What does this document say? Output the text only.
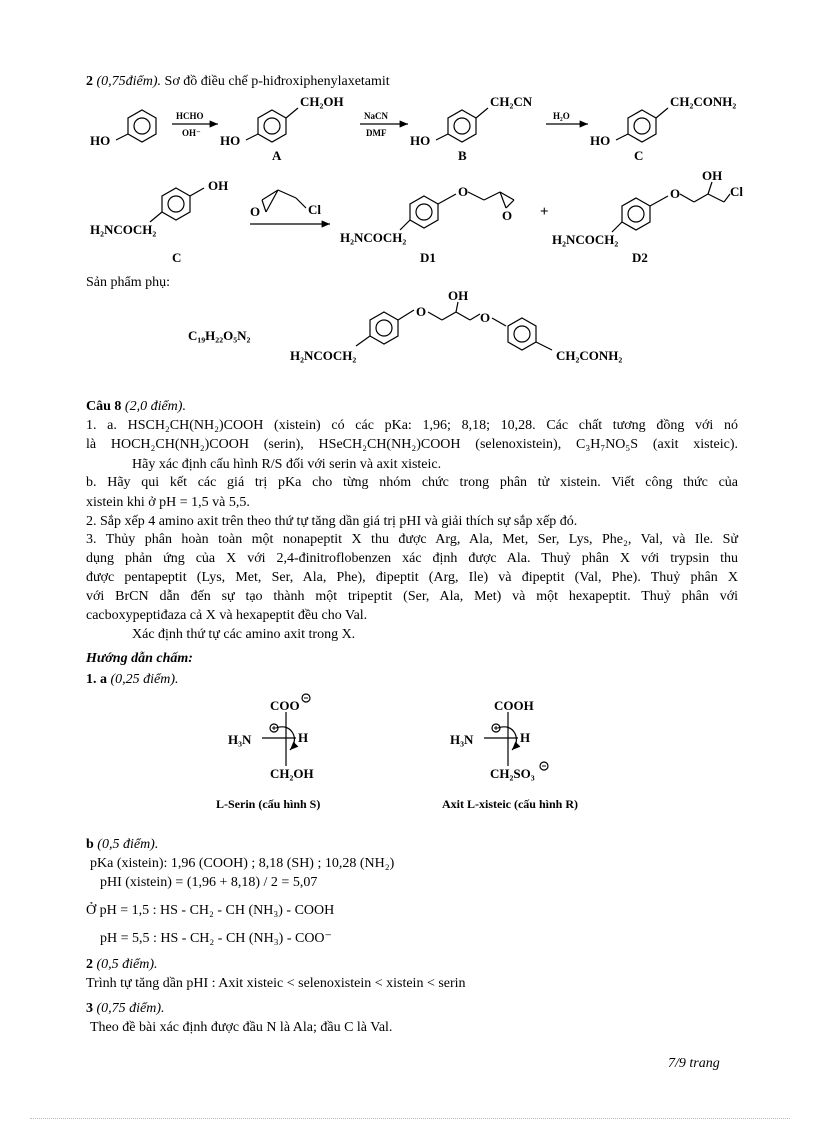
2 (0,75điểm). Sơ đồ điều chế p-hiđroxiphenylaxetamit
HO
HCHO
OH⁻ HO
CH₂OH
A
NaCN
DMF HO
CH₂CN
B
H₂O
HO
CH₂CONH₂
C
OH
H₂NCOCH₂
C
O	Cl
O
O
H₂NCOCH₂
D1
+
O
OH
Cl
H₂NCOCH₂
D2
C₁₉H₂₂O₅N₂
O
OH
O
H₂NCOCH₂	CH₂CONH₂
COO
H₃N	H
CH₂OH
L-Serin (cấu hình S)
COOH
H₃N	H
CH₂SO₃
Axit L-xisteic (cấu hình R)
Sản phẩm phụ:
Câu 8 (2,0 điểm).
1. a. HSCH₂CH(NH₂)COOH (xistein) có các pKa: 1,96; 8,18; 10,28. Các chất tương đồng với nó
là HOCH₂CH(NH₂)COOH (serin), HSeCH₂CH(NH₂)COOH (selenoxistein), C₃H₇NO₅S (axit xisteic).
Hãy xác định cấu hình R/S đối với serin và axit xisteic.
b. Hãy qui kết các giá trị pKa cho từng nhóm chức trong phân tử xistein. Viết công thức của
xistein khi ở pH = 1,5 và 5,5.
2. Sắp xếp 4 amino axit trên theo thứ tự tăng dần giá trị pHI và giải thích sự sắp xếp đó.
3. Thủy phân hoàn toàn một nonapeptit X thu được Arg, Ala, Met, Ser, Lys, Phe₂, Val, và Ile. Sử
dụng phản ứng của X với 2,4-đinitroflobenzen xác định được Ala. Thuỷ phân X với trypsin thu
được pentapeptit (Lys, Met, Ser, Ala, Phe), đipeptit (Arg, Ile) và đipeptit (Val, Phe). Thuỷ phân X
với BrCN dẫn đến sự tạo thành một tripeptit (Ser, Ala, Met) và một hexapeptit. Thuỷ phân với
cacboxypeptiđaza cả X và hexapeptit đều cho Val.
Xác định thứ tự các amino axit trong X.
Hướng dẫn chấm:
1. a (0,25 điểm).
b (0,5 điểm).
pKa (xistein): 1,96 (COOH) ; 8,18 (SH) ; 10,28 (NH₂)
pHI (xistein) = (1,96 + 8,18) / 2 = 5,07
Ở pH = 1,5 : HS - CH₂ - CH (NH₃) - COOH
pH = 5,5 : HS - CH₂ - CH (NH₃) - COO⁻
2 (0,5 điểm).
Trình tự tăng dần pHI : Axit xisteic < selenoxistein < xistein < serin
3 (0,75 điểm).
Theo đề bài xác định được đầu N là Ala; đầu C là Val.
7/9 trang
